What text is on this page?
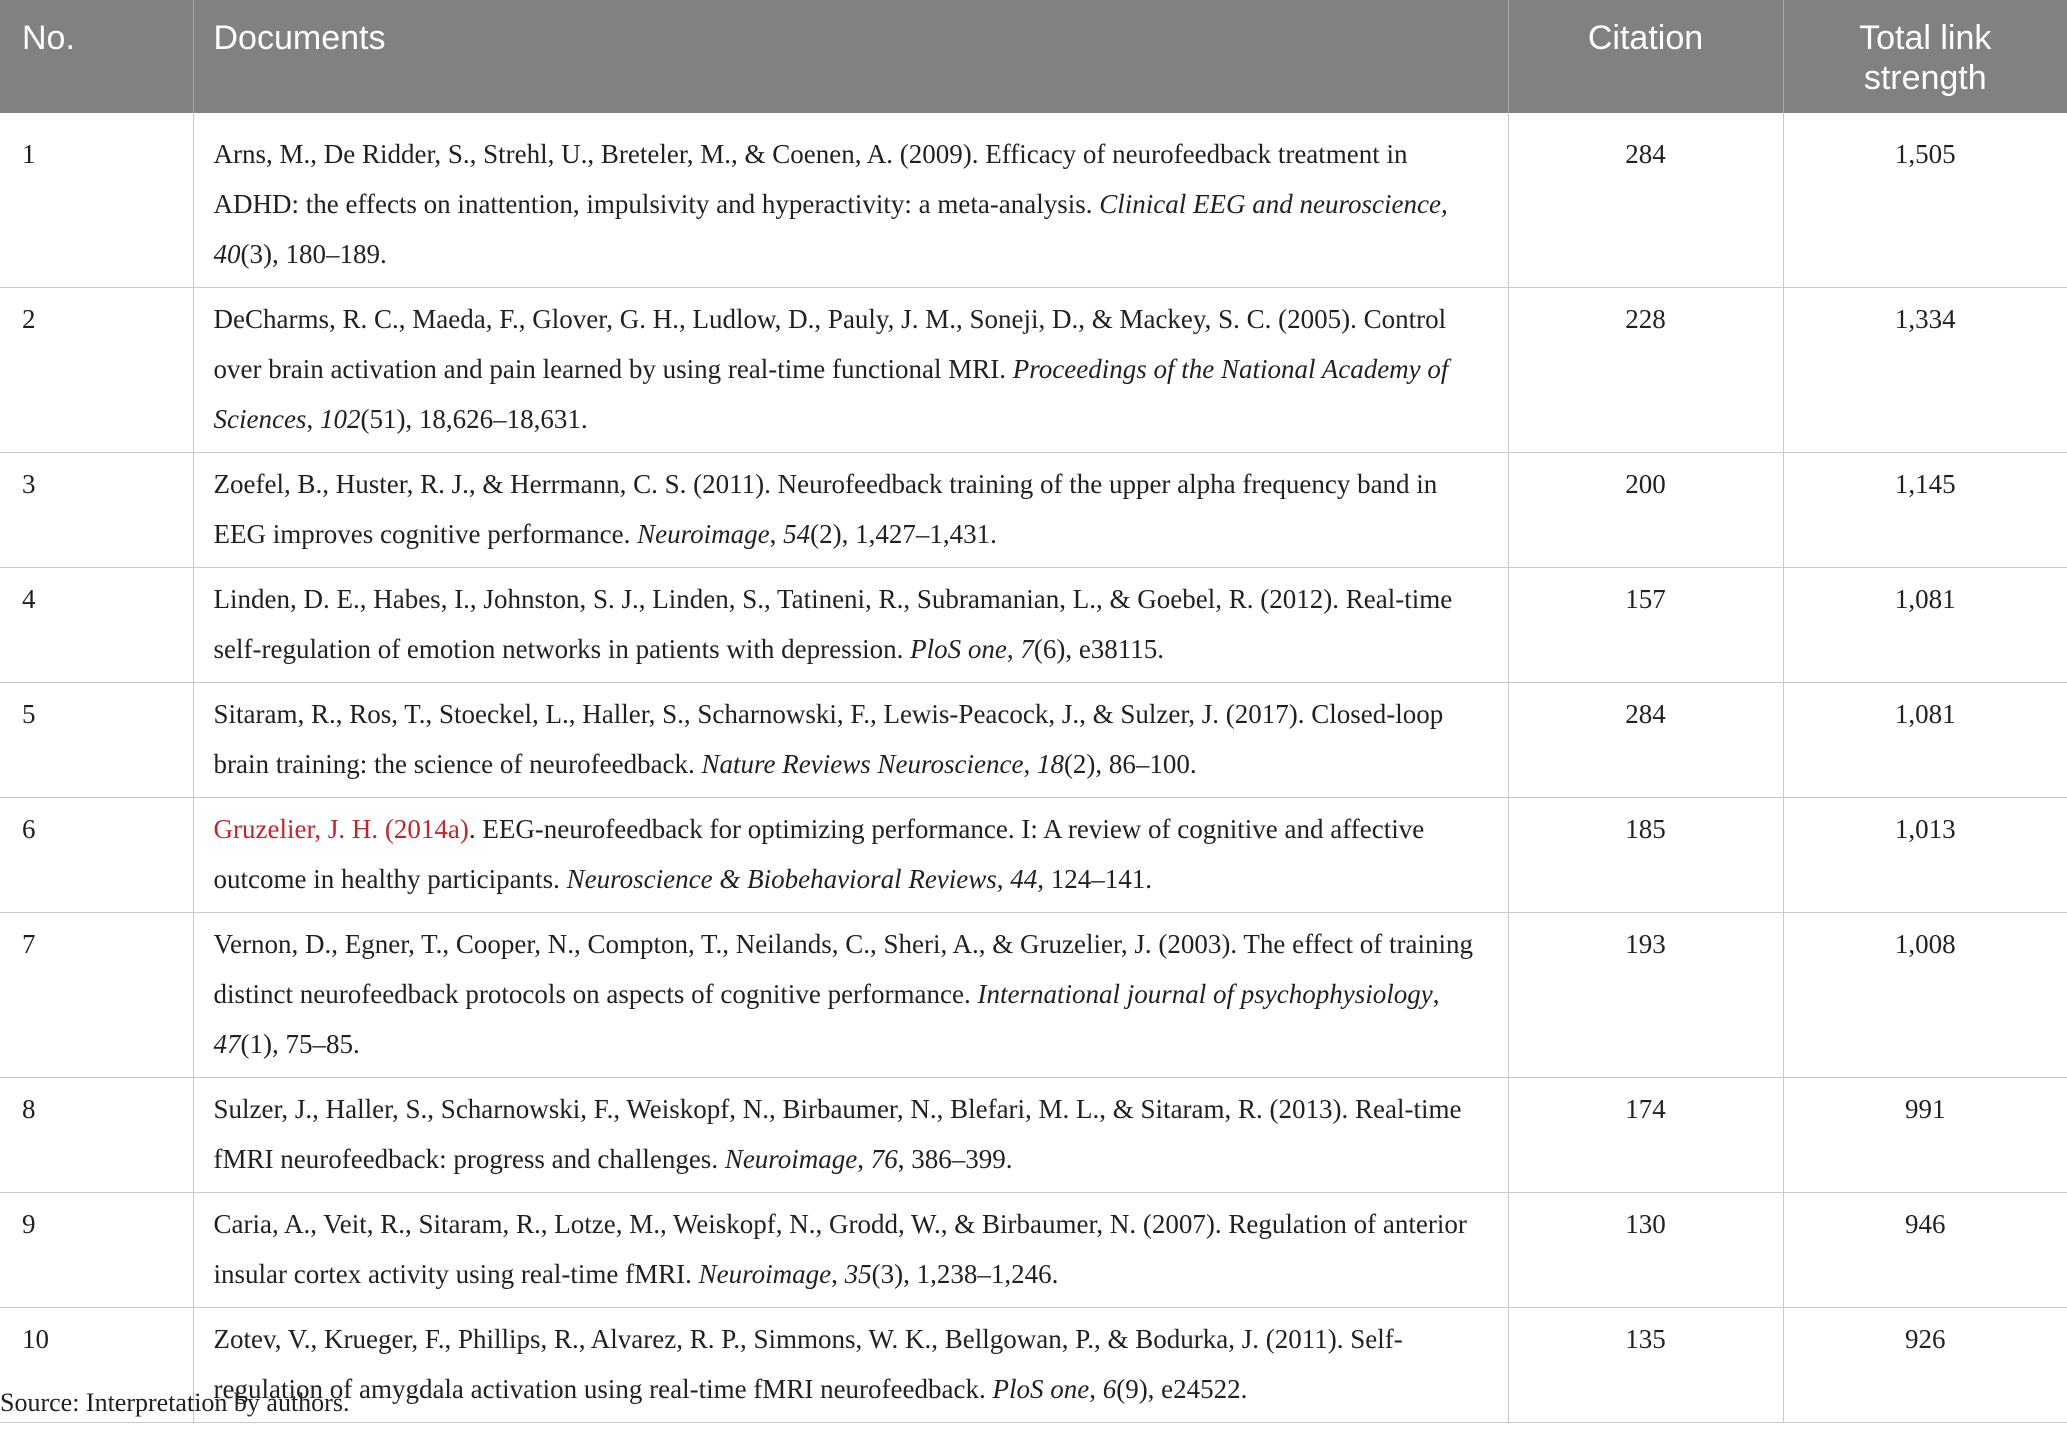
No.	Documents	Citation	Total link strength
1	Arns, M., De Ridder, S., Strehl, U., Breteler, M., & Coenen, A. (2009). Efficacy of neurofeedback treatment in ADHD: the effects on inattention, impulsivity and hyperactivity: a meta-analysis. Clinical EEG and neuroscience, 40(3), 180–189.	284	1,505
2	DeCharms, R. C., Maeda, F., Glover, G. H., Ludlow, D., Pauly, J. M., Soneji, D., & Mackey, S. C. (2005). Control over brain activation and pain learned by using real-time functional MRI. Proceedings of the National Academy of Sciences, 102(51), 18,626–18,631.	228	1,334
3	Zoefel, B., Huster, R. J., & Herrmann, C. S. (2011). Neurofeedback training of the upper alpha frequency band in EEG improves cognitive performance. Neuroimage, 54(2), 1,427–1,431.	200	1,145
4	Linden, D. E., Habes, I., Johnston, S. J., Linden, S., Tatineni, R., Subramanian, L., & Goebel, R. (2012). Real-time self-regulation of emotion networks in patients with depression. PloS one, 7(6), e38115.	157	1,081
5	Sitaram, R., Ros, T., Stoeckel, L., Haller, S., Scharnowski, F., Lewis-Peacock, J., & Sulzer, J. (2017). Closed-loop brain training: the science of neurofeedback. Nature Reviews Neuroscience, 18(2), 86–100.	284	1,081
6	Gruzelier, J. H. (2014a). EEG-neurofeedback for optimizing performance. I: A review of cognitive and affective outcome in healthy participants. Neuroscience & Biobehavioral Reviews, 44, 124–141.	185	1,013
7	Vernon, D., Egner, T., Cooper, N., Compton, T., Neilands, C., Sheri, A., & Gruzelier, J. (2003). The effect of training distinct neurofeedback protocols on aspects of cognitive performance. International journal of psychophysiology, 47(1), 75–85.	193	1,008
8	Sulzer, J., Haller, S., Scharnowski, F., Weiskopf, N., Birbaumer, N., Blefari, M. L., & Sitaram, R. (2013). Real-time fMRI neurofeedback: progress and challenges. Neuroimage, 76, 386–399.	174	991
9	Caria, A., Veit, R., Sitaram, R., Lotze, M., Weiskopf, N., Grodd, W., & Birbaumer, N. (2007). Regulation of anterior insular cortex activity using real-time fMRI. Neuroimage, 35(3), 1,238–1,246.	130	946
10	Zotev, V., Krueger, F., Phillips, R., Alvarez, R. P., Simmons, W. K., Bellgowan, P., & Bodurka, J. (2011). Self-regulation of amygdala activation using real-time fMRI neurofeedback. PloS one, 6(9), e24522.	135	926
Source: Interpretation by authors.
